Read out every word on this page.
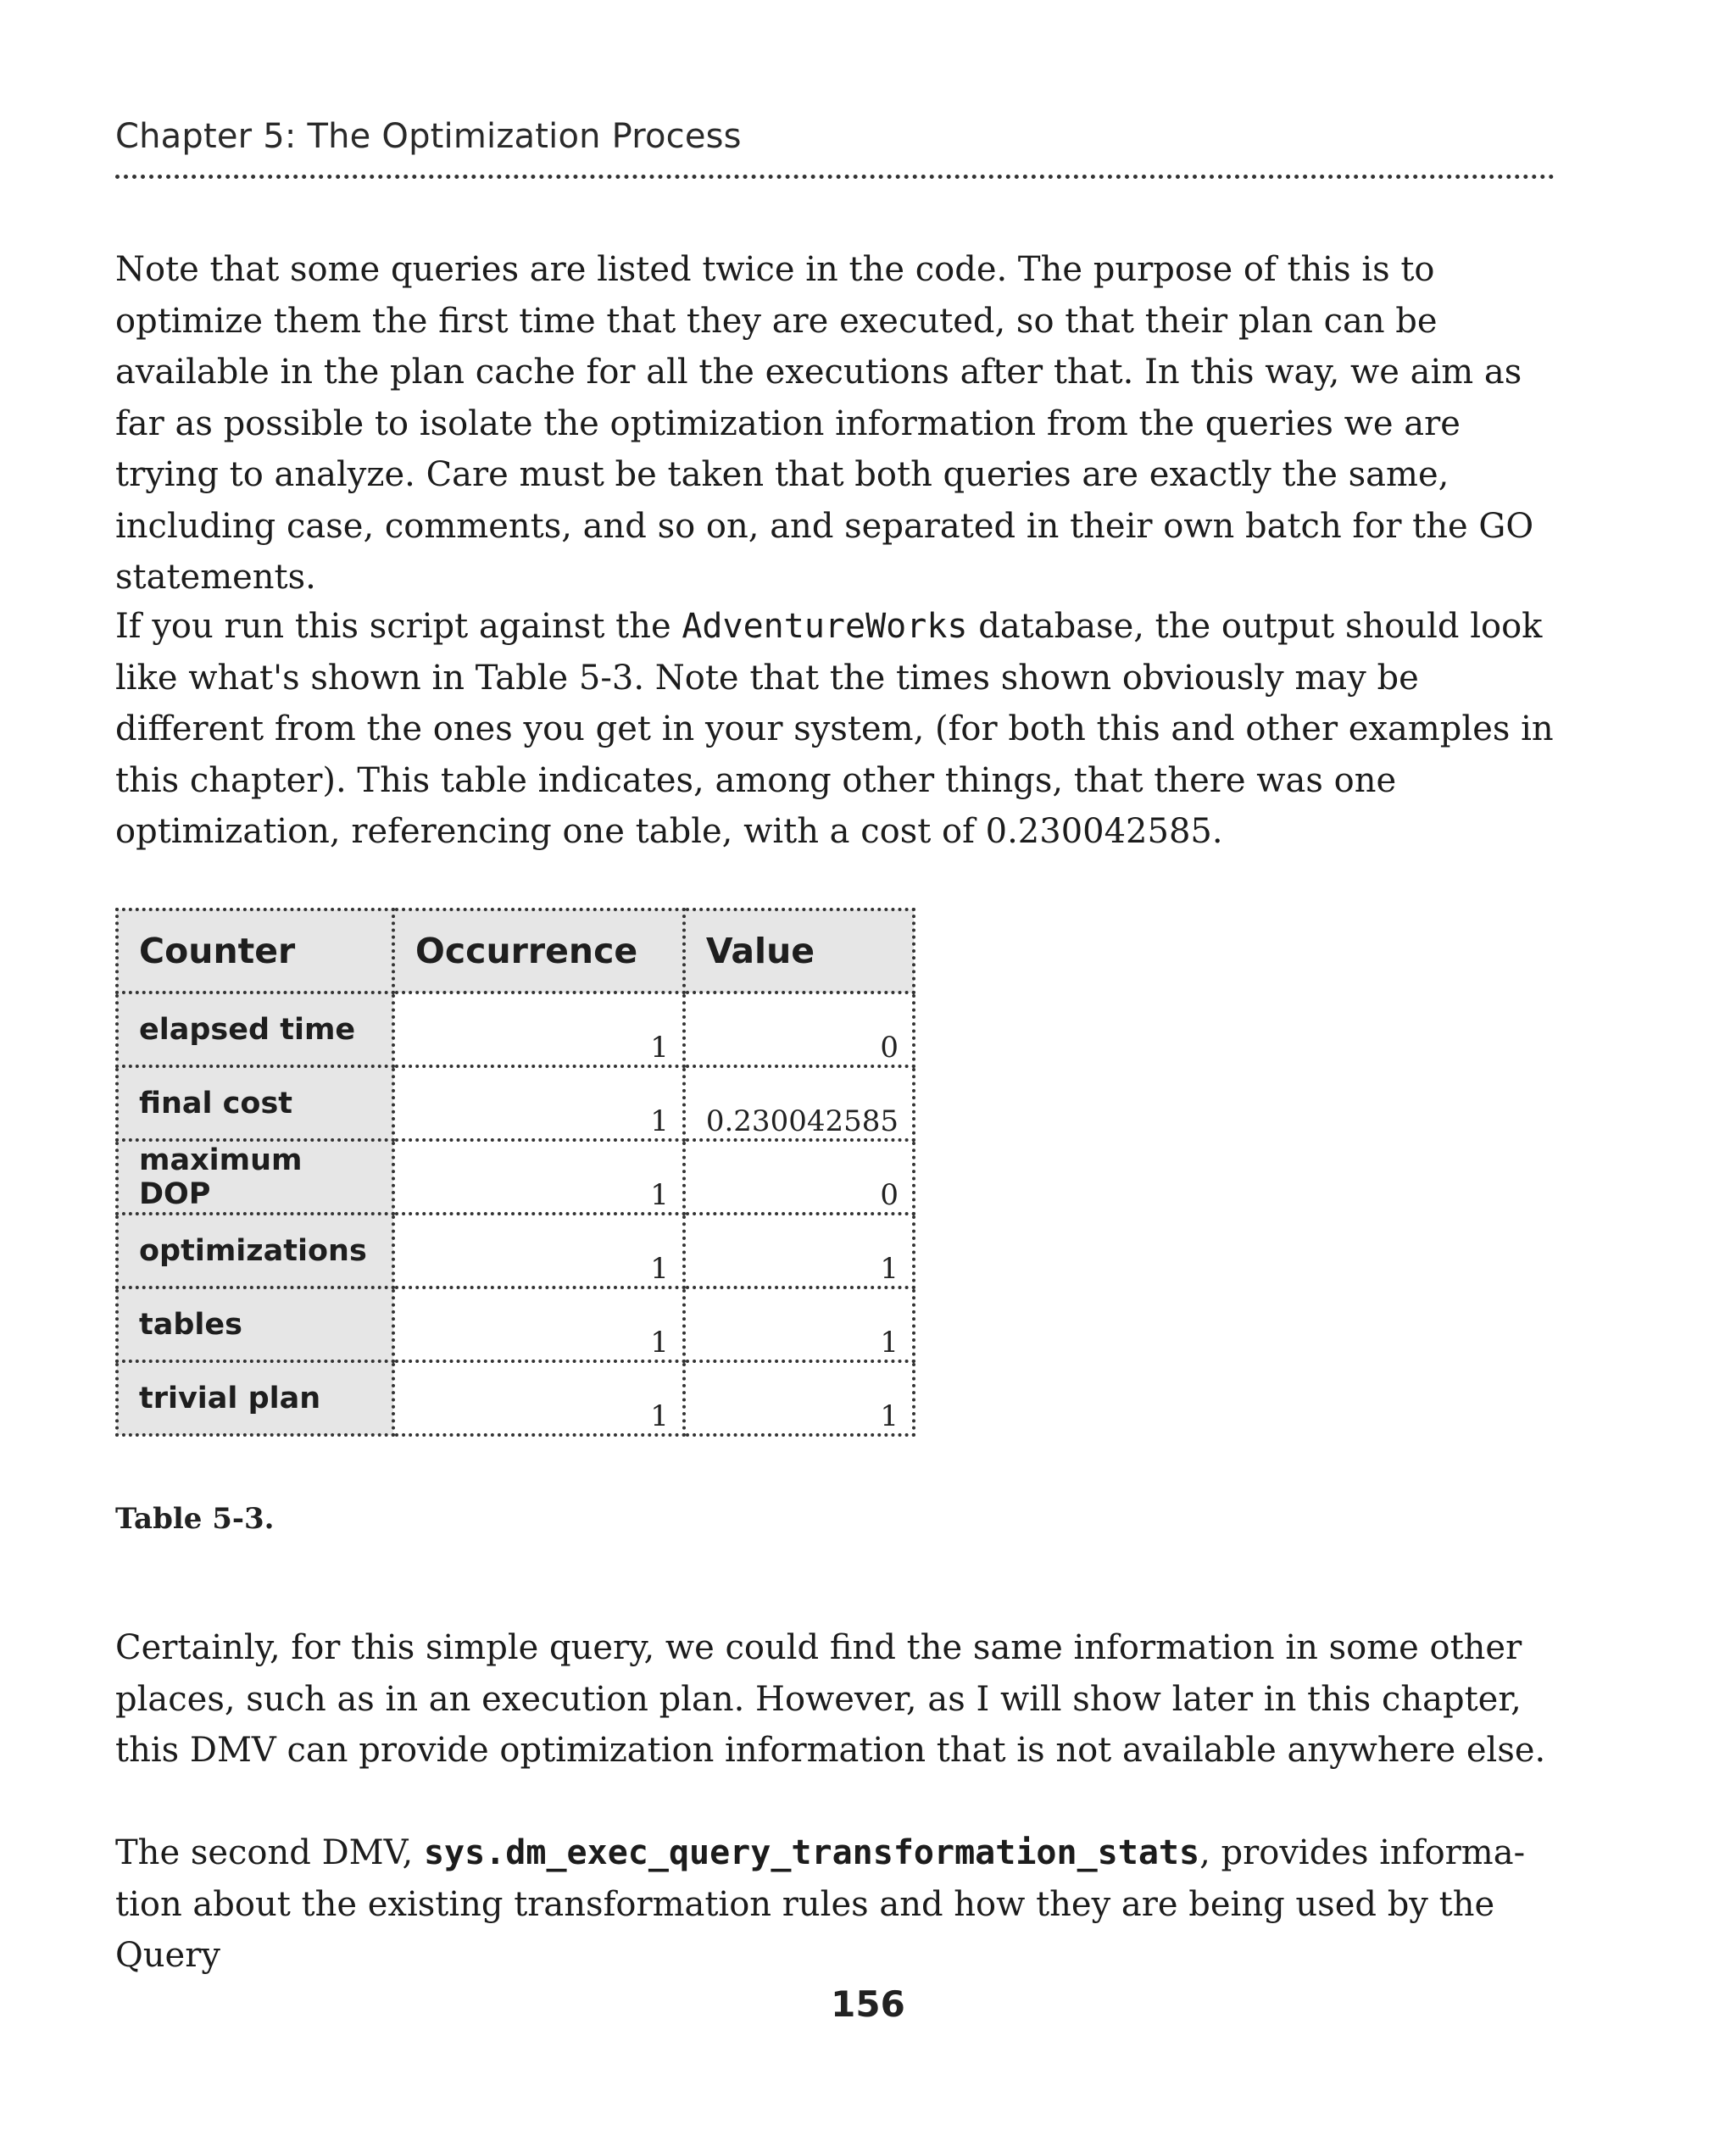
Chapter 5: The Optimization Process

Note that some queries are listed twice in the code. The purpose of this is to optimize them the first time that they are executed, so that their plan can be available in the plan cache for all the executions after that. In this way, we aim as far as possible to isolate the optimization information from the queries we are trying to analyze. Care must be taken that both queries are exactly the same, including case, comments, and so on, and separated in their own batch for the GO statements.

If you run this script against the AdventureWorks database, the output should look like what's shown in Table 5-3. Note that the times shown obviously may be different from the ones you get in your system, (for both this and other examples in this chapter). This table indicates, among other things, that there was one optimization, referencing one table, with a cost of 0.230042585.

Counter	Occurrence	Value
elapsed time	1	0
final cost	1	0.230042585
maximum DOP	1	0
optimizations	1	1
tables	1	1
trivial plan	1	1
Table 5-3.

Certainly, for this simple query, we could find the same information in some other places, such as in an execution plan. However, as I will show later in this chapter, this DMV can provide optimization information that is not available anywhere else.

The second DMV, sys.dm_exec_query_transformation_stats, provides informa-tion about the existing transformation rules and how they are being used by the Query

156
